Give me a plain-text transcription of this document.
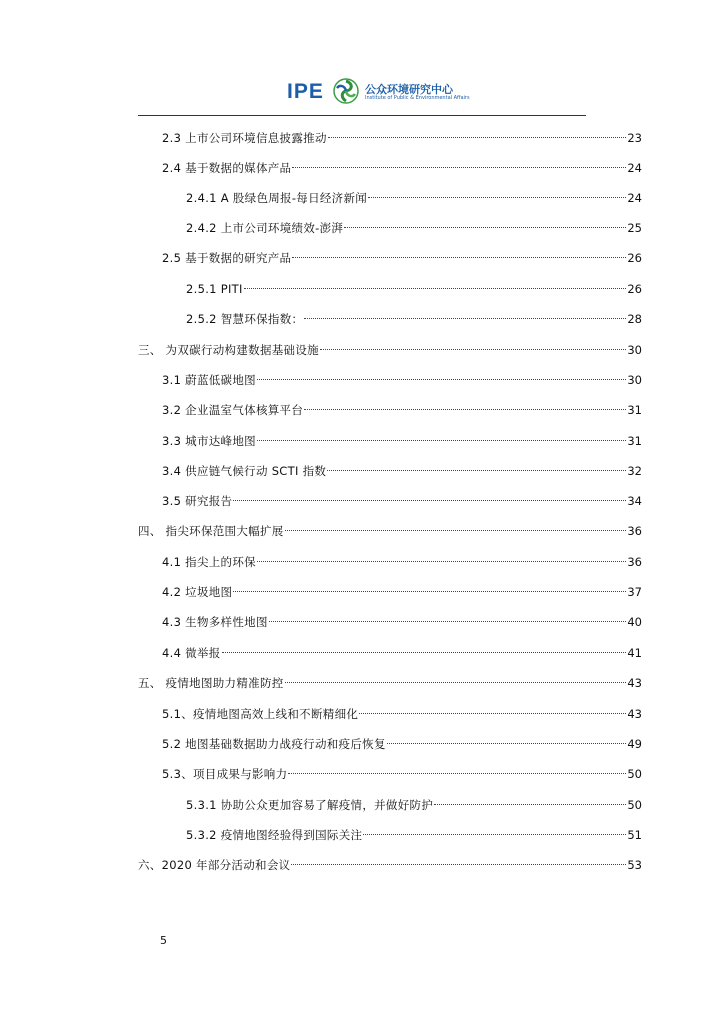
IPE	公众环境研究中心
Institute of Public & Environmental Affairs
2.3 上市公司环境信息披露推动	23
2.4 基于数据的媒体产品	24
2.4.1 A 股绿色周报-每日经济新闻	24
2.4.2 上市公司环境绩效-澎湃	25
2.5 基于数据的研究产品	26
2.5.1 PITI	26
2.5.2 智慧环保指数：	28
三、 为双碳行动构建数据基础设施	30
3.1 蔚蓝低碳地图	30
3.2 企业温室气体核算平台	31
3.3 城市达峰地图	31
3.4 供应链气候行动 SCTI 指数	32
3.5 研究报告	34
四、 指尖环保范围大幅扩展	36
4.1 指尖上的环保	36
4.2 垃圾地图	37
4.3 生物多样性地图	40
4.4 微举报	41
五、 疫情地图助力精准防控	43
5.1、疫情地图高效上线和不断精细化	43
5.2 地图基础数据助力战疫行动和疫后恢复	49
5.3、项目成果与影响力	50
5.3.1 协助公众更加容易了解疫情，并做好防护	50
5.3.2 疫情地图经验得到国际关注	51
六、2020 年部分活动和会议	53
5
